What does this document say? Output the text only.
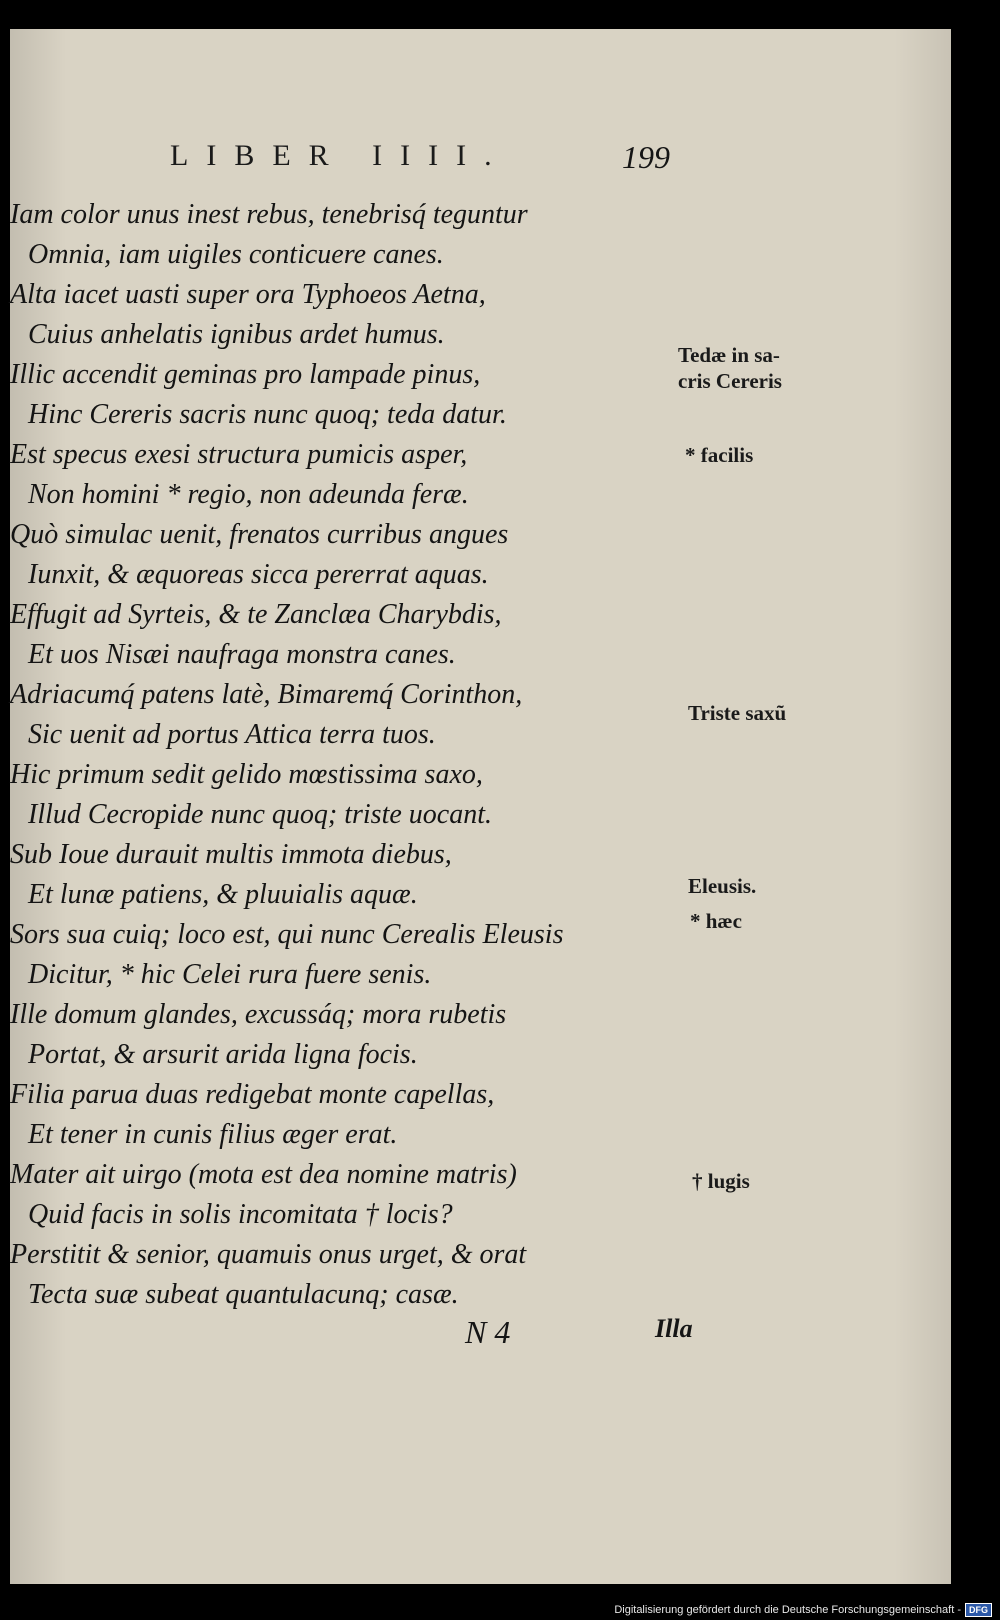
LIBER IIII.	199
Iam color unus inest rebus, tenebrisq́ teguntur
Omnia, iam uigiles conticuere canes.
Alta iacet uasti super ora Typhoeos Aetna,
Cuius anhelatis ignibus ardet humus.
Illic accendit geminas pro lampade pinus,
Hinc Cereris sacris nunc quoq; teda datur.
Est specus exesi structura pumicis asper,
Non homini * regio, non adeunda feræ.
Quò simulac uenit, frenatos curribus angues
Iunxit, & æquoreas sicca pererrat aquas.
Effugit ad Syrteis, & te Zanclæa Charybdis,
Et uos Nisæi naufraga monstra canes.
Adriacumq́ patens latè, Bimaremq́ Corinthon,
Sic uenit ad portus Attica terra tuos.
Hic primum sedit gelido mœstissima saxo,
Illud Cecropide nunc quoq; triste uocant.
Sub Ioue durauit multis immota diebus,
Et lunæ patiens, & pluuialis aquæ.
Sors sua cuiq; loco est, qui nunc Cerealis Eleusis
Dicitur, * hic Celei rura fuere senis.
Ille domum glandes, excussáq; mora rubetis
Portat, & arsurit arida ligna focis.
Filia parua duas redigebat monte capellas,
Et tener in cunis filius æger erat.
Mater ait uirgo (mota est dea nomine matris)
Quid facis in solis incomitata † locis?
Perstitit & senior, quamuis onus urget, & orat
Tecta suæ subeat quantulacunq; casæ.
Tedæ in sa-
cris Cereris
* facilis
Triste saxũ
Eleusis.
* hæc
† lugis
N 4	Illa
Digitalisierung gefördert durch die Deutsche Forschungsgemeinschaft - DFG
